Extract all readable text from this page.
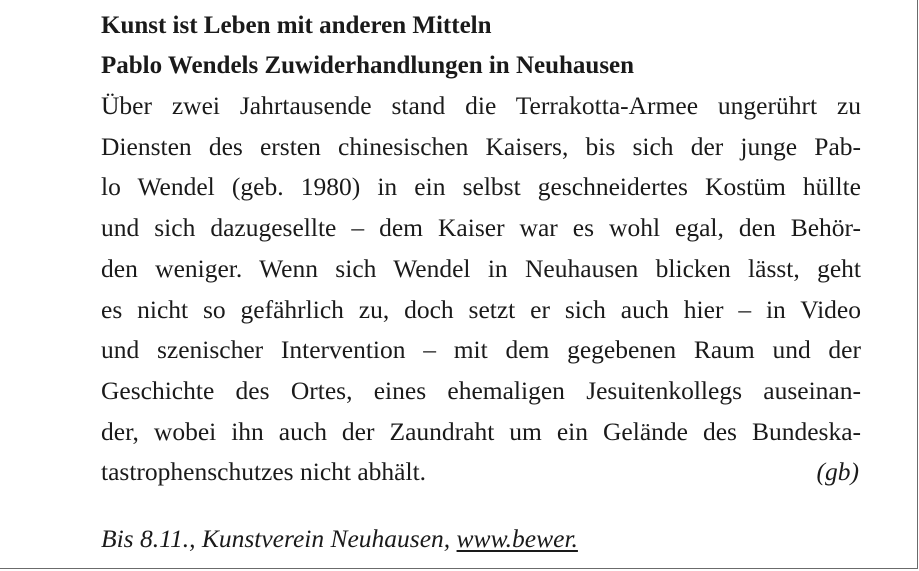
Kunst ist Leben mit anderen Mitteln
Pablo Wendels Zuwiderhandlungen in Neuhausen
Über zwei Jahrtausende stand die Terrakotta-Armee ungerührt zu
Diensten des ersten chinesischen Kaisers, bis sich der junge Pab-
lo Wendel (geb. 1980) in ein selbst geschneidertes Kostüm hüllte
und sich dazugesellte – dem Kaiser war es wohl egal, den Behör-
den weniger. Wenn sich Wendel in Neuhausen blicken lässt, geht
es nicht so gefährlich zu, doch setzt er sich auch hier – in Video
und szenischer Intervention – mit dem gegebenen Raum und der
Geschichte des Ortes, eines ehemaligen Jesuitenkollegs auseinan-
der, wobei ihn auch der Zaundraht um ein Gelände des Bundeska-
tastrophenschutzes nicht abhält.	(gb)
Bis 8.11., Kunstverein Neuhausen, www.bewer.
